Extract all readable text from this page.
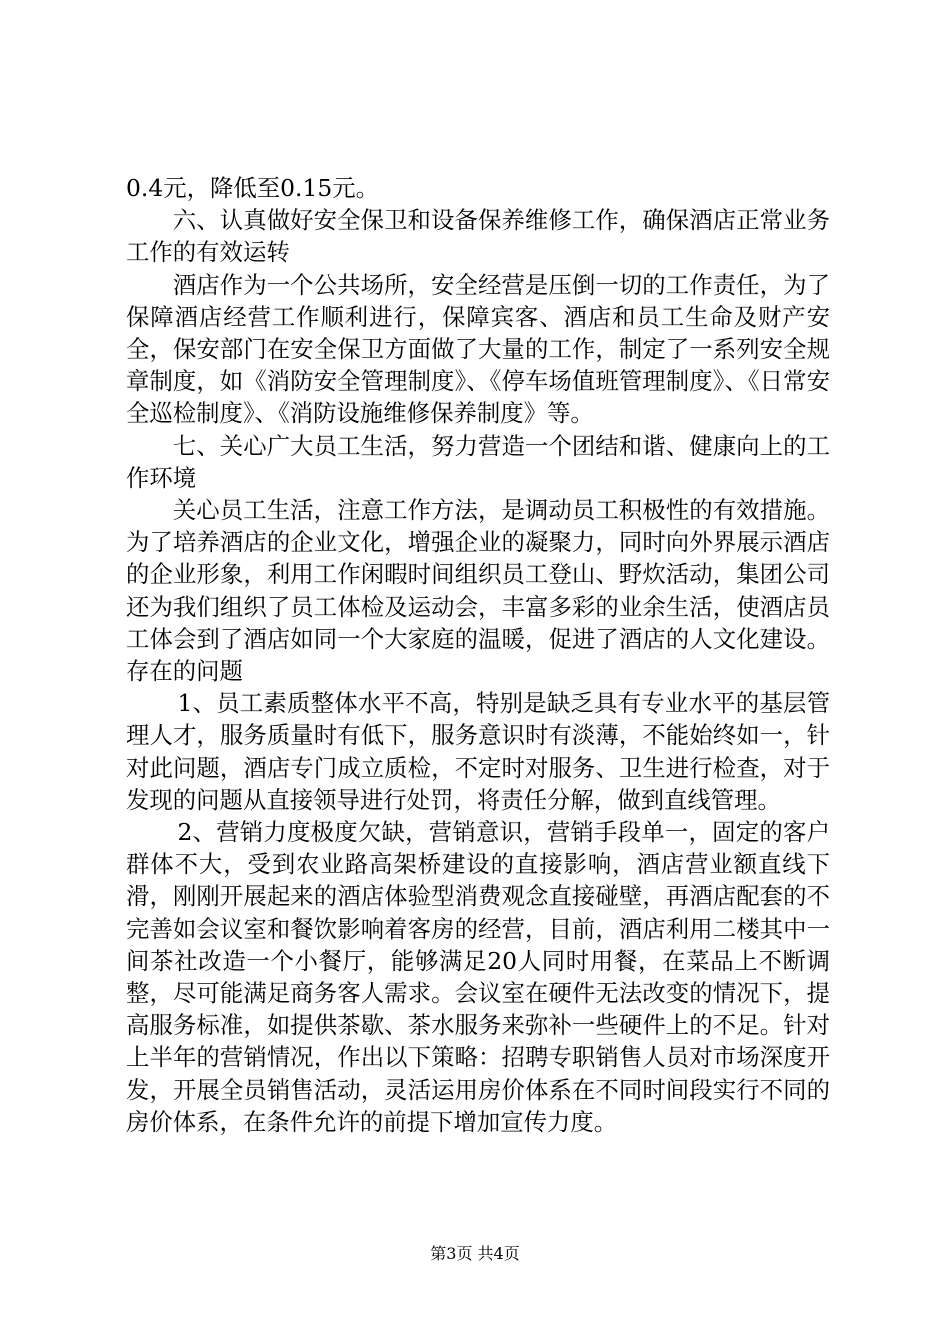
0.4元，降低至0.15元。

六、认真做好安全保卫和设备保养维修工作，确保酒店正常业务工作的有效运转

酒店作为一个公共场所，安全经营是压倒一切的工作责任，为了保障酒店经营工作顺利进行，保障宾客、酒店和员工生命及财产安全，保安部门在安全保卫方面做了大量的工作，制定了一系列安全规章制度，如《消防安全管理制度》、《停车场值班管理制度》、《日常安全巡检制度》、《消防设施维修保养制度》等。

七、关心广大员工生活，努力营造一个团结和谐、健康向上的工作环境

关心员工生活，注意工作方法，是调动员工积极性的有效措施。为了培养酒店的企业文化，增强企业的凝聚力，同时向外界展示酒店的企业形象，利用工作闲暇时间组织员工登山、野炊活动，集团公司还为我们组织了员工体检及运动会，丰富多彩的业余生活，使酒店员工体会到了酒店如同一个大家庭的温暖，促进了酒店的人文化建设。存在的问题

1、员工素质整体水平不高，特别是缺乏具有专业水平的基层管理人才，服务质量时有低下，服务意识时有淡薄，不能始终如一，针对此问题，酒店专门成立质检，不定时对服务、卫生进行检查，对于发现的问题从直接领导进行处罚，将责任分解，做到直线管理。

2、营销力度极度欠缺，营销意识，营销手段单一，固定的客户群体不大，受到农业路高架桥建设的直接影响，酒店营业额直线下滑，刚刚开展起来的酒店体验型消费观念直接碰壁，再酒店配套的不完善如会议室和餐饮影响着客房的经营，目前，酒店利用二楼其中一间茶社改造一个小餐厅，能够满足20人同时用餐，在菜品上不断调整，尽可能满足商务客人需求。会议室在硬件无法改变的情况下，提高服务标准，如提供茶歇、茶水服务来弥补一些硬件上的不足。针对上半年的营销情况，作出以下策略：招聘专职销售人员对市场深度开发，开展全员销售活动，灵活运用房价体系在不同时间段实行不同的房价体系，在条件允许的前提下增加宣传力度。

第3页 共4页
